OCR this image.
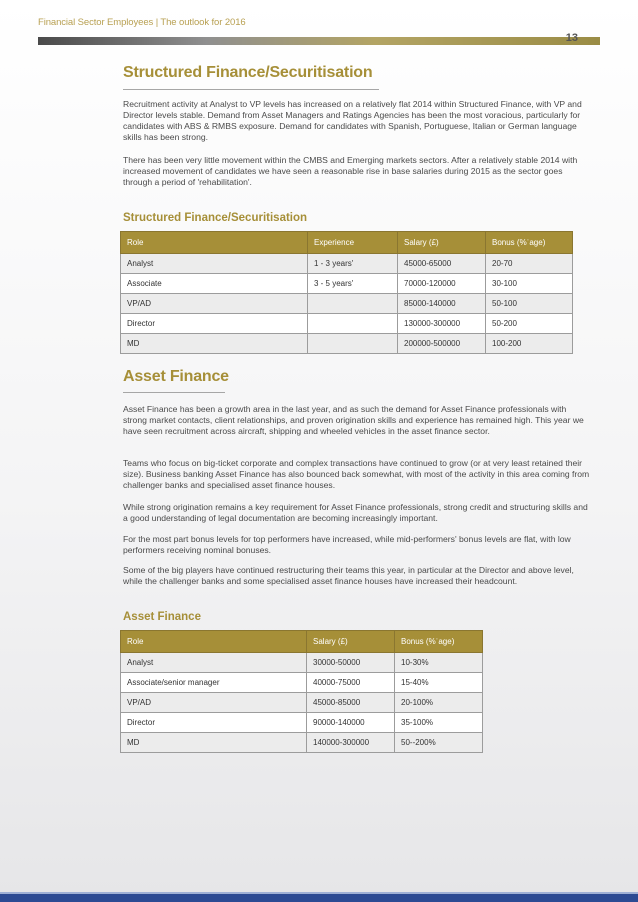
Financial Sector Employees | The outlook for 2016
13
Structured Finance/Securitisation

Recruitment activity at Analyst to VP levels has increased on a relatively flat 2014 within Structured Finance, with VP and Director levels stable. Demand from Asset Managers and Ratings Agencies has been the most voracious, particularly for candidates with ABS & RMBS exposure. Demand for candidates with Spanish, Portuguese, Italian or German language skills has been strong.

There has been very little movement within the CMBS and Emerging markets sectors. After a relatively stable 2014 with increased movement of candidates we have seen a reasonable rise in base salaries during 2015 as the sector goes through a period of 'rehabilitation'.

Structured Finance/Securitisation
Role	Experience	Salary (£)	Bonus (%ˈage)
Analyst	1 - 3 years'	45000-65000	20-70
Associate	3 - 5 years'	70000-120000	30-100
VP/AD		85000-140000	50-100
Director		130000-300000	50-200
MD		200000-500000	100-200
Asset Finance

Asset Finance has been a growth area in the last year, and as such the demand for Asset Finance professionals with strong market contacts, client relationships, and proven origination skills and experience has remained high. This year we have seen recruitment across aircraft, shipping and wheeled vehicles in the asset finance sector.

Teams who focus on big-ticket corporate and complex transactions have continued to grow (or at very least retained their size). Business banking Asset Finance has also bounced back somewhat, with most of the activity in this area coming from challenger banks and specialised asset finance houses.

While strong origination remains a key requirement for Asset Finance professionals, strong credit and structuring skills and a good understanding of legal documentation are becoming increasingly important.

For the most part bonus levels for top performers have increased, while mid-performers' bonus levels are flat, with low performers receiving nominal bonuses.

Some of the big players have continued restructuring their teams this year, in particular at the Director and above level, while the challenger banks and some specialised asset finance houses have increased their headcount.

Asset Finance
Role	Salary (£)	Bonus (%ˈage)
Analyst	30000-50000	10-30%
Associate/senior manager	40000-75000	15-40%
VP/AD	45000-85000	20-100%
Director	90000-140000	35-100%
MD	140000-300000	50--200%
